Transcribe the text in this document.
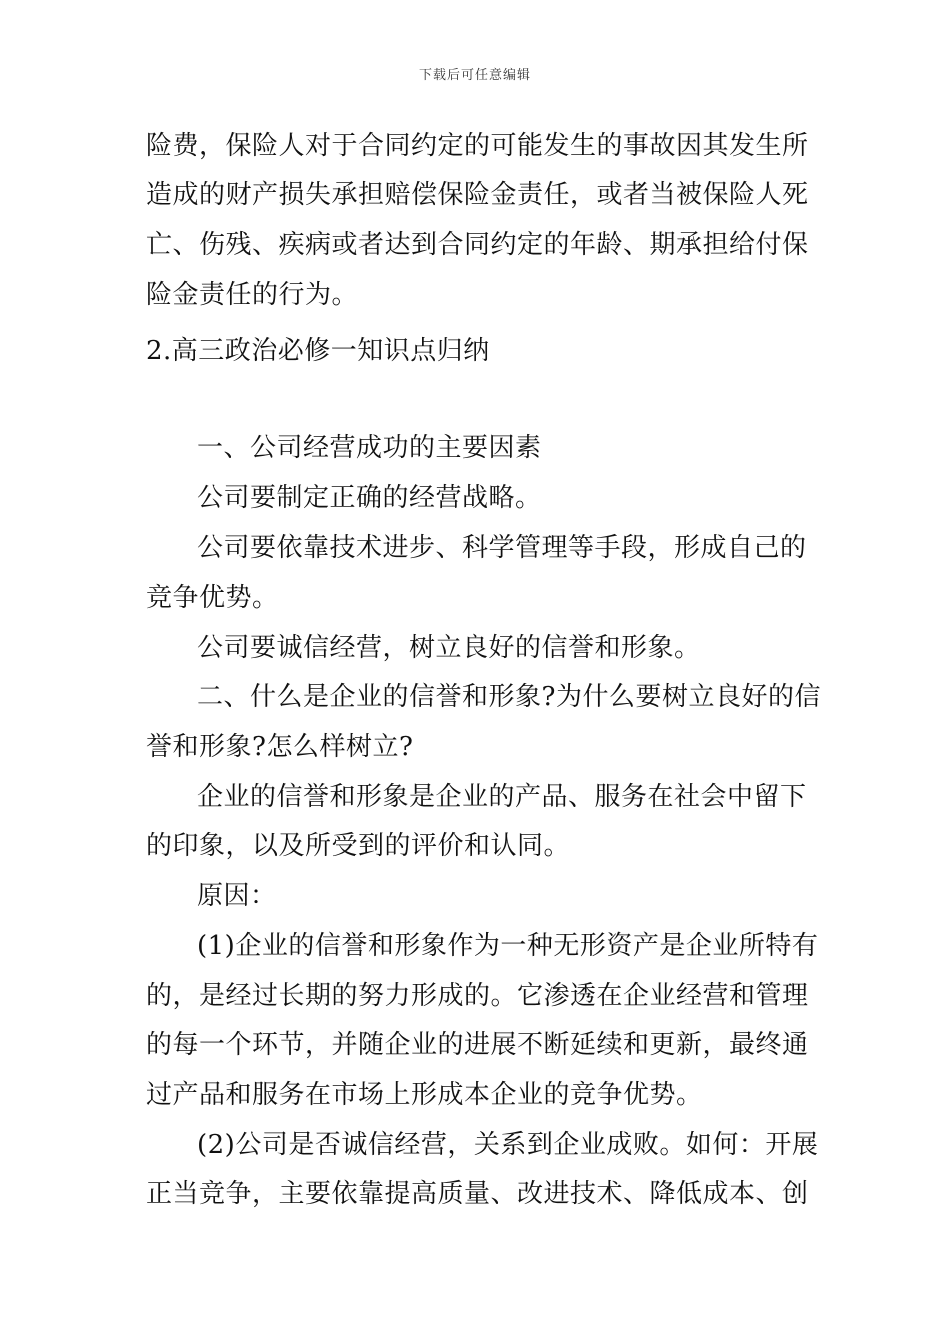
下载后可任意编辑
险费，保险人对于合同约定的可能发生的事故因其发生所
造成的财产损失承担赔偿保险金责任，或者当被保险人死
亡、伤残、疾病或者达到合同约定的年龄、期承担给付保
险金责任的行为。
2.高三政治必修一知识点归纳
一、公司经营成功的主要因素
公司要制定正确的经营战略。
公司要依靠技术进步、科学管理等手段，形成自己的
竞争优势。
公司要诚信经营，树立良好的信誉和形象。
二、什么是企业的信誉和形象?为什么要树立良好的信
誉和形象?怎么样树立?
企业的信誉和形象是企业的产品、服务在社会中留下
的印象，以及所受到的评价和认同。
原因：
(1)企业的信誉和形象作为一种无形资产是企业所特有
的，是经过长期的努力形成的。它渗透在企业经营和管理
的每一个环节，并随企业的进展不断延续和更新，最终通
过产品和服务在市场上形成本企业的竞争优势。
(2)公司是否诚信经营，关系到企业成败。如何：开展
正当竞争，主要依靠提高质量、改进技术、降低成本、创
